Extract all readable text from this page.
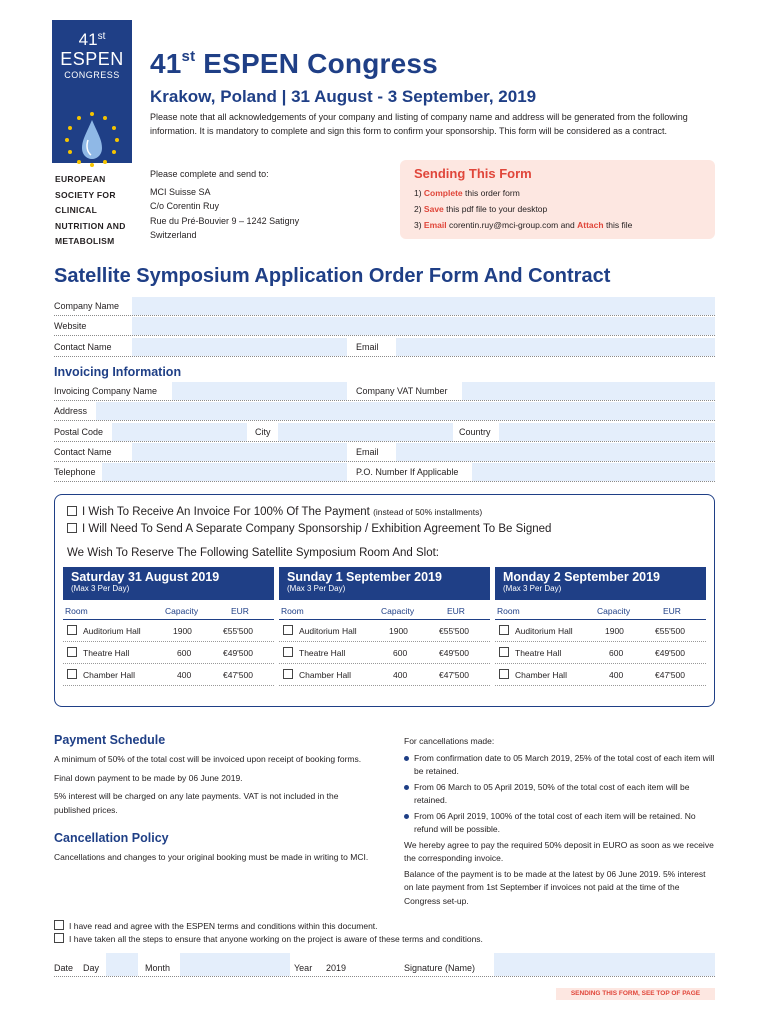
41st
ESPEN
CONGRESS
EUROPEAN
SOCIETY FOR
CLINICAL
NUTRITION AND
METABOLISM
41st ESPEN Congress
Krakow, Poland | 31 August - 3 September, 2019
Please note that all acknowledgements of your company and listing of company name and address will be generated from the following information. It is mandatory to complete and sign this form to confirm your sponsorship. This form will be considered as a contract.
Please complete and send to:
MCI Suisse SA
C/o Corentin Ruy
Rue du Pré-Bouvier 9 – 1242 Satigny
Switzerland
Sending This Form
1) Complete this order form
2) Save this pdf file to your desktop
3) Email corentin.ruy@mci-group.com and Attach this file
Satellite Symposium Application Order Form And Contract
Company Name
Website
Contact Name	Email
Invoicing Information
Invoicing Company Name	Company VAT Number
Address
Postal Code	City	Country
Contact Name	Email
Telephone	P.O. Number If Applicable
I Wish To Receive An Invoice For 100% Of The Payment (instead of 50% installments)
I Will Need To Send A Separate Company Sponsorship / Exhibition Agreement To Be Signed
We Wish To Reserve The Following Satellite Symposium Room And Slot:
Saturday 31 August 2019
(Max 3 Per Day)
Room	Capacity	EUR
Auditorium Hall	1900	€55'500
Theatre Hall	600	€49'500
Chamber Hall	400	€47'500
Sunday 1 September 2019
(Max 3 Per Day)
Room	Capacity	EUR
Auditorium Hall	1900	€55'500
Theatre Hall	600	€49'500
Chamber Hall	400	€47'500
Monday 2 September 2019
(Max 3 Per Day)
Room	Capacity	EUR
Auditorium Hall	1900	€55'500
Theatre Hall	600	€49'500
Chamber Hall	400	€47'500
Payment Schedule
A minimum of 50% of the total cost will be invoiced upon receipt of booking forms.
Final down payment to be made by 06 June 2019.
5% interest will be charged on any late payments. VAT is not included in the published prices.
Cancellation Policy
Cancellations and changes to your original booking must be made in writing to MCI.
For cancellations made:
From confirmation date to 05 March 2019, 25% of the total cost of each item will be retained.
From 06 March to 05 April 2019, 50% of the total cost of each item will be retained.
From 06 April 2019, 100% of the total cost of each item will be retained. No refund will be possible.
We hereby agree to pay the required 50% deposit in EURO as soon as we receive the corresponding invoice.
Balance of the payment is to be made at the latest by 06 June 2019. 5% interest on late payment from 1st September if invoices not paid at the time of the Congress set-up.
I have read and agree with the ESPEN terms and conditions within this document.
I have taken all the steps to ensure that anyone working on the project is aware of these terms and conditions.
Date Day	Month	Year 2019	Signature (Name)
SENDING THIS FORM, SEE TOP OF PAGE
